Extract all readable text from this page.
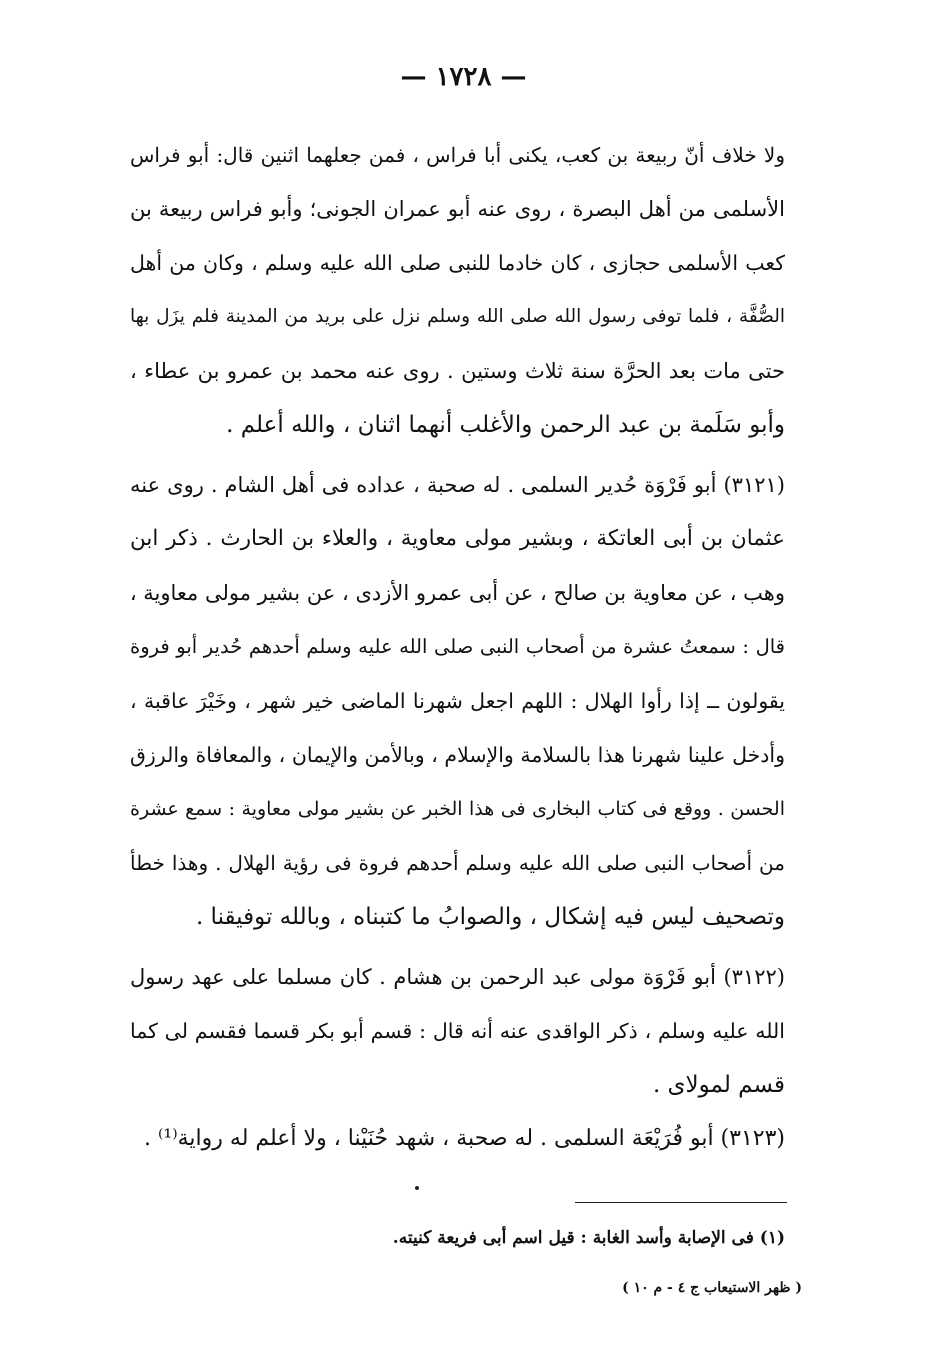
— ١٧٢٨ —
ولا خلاف أنّ ربيعة بن كعب، يكنى أبا فراس ، فمن جعلهما اثنين قال: أبو فراس
الأسلمى من أهل البصرة ، روى عنه أبو عمران الجونى؛ وأبو فراس ربيعة بن
كعب الأسلمى حجازى ، كان خادما للنبى صلى الله عليه وسلم ، وكان من أهل
الصُّفَّة ، فلما توفى رسول الله صلى الله وسلم نزل على بريد من المدينة فلم يزَل بها
حتى مات بعد الحرَّة سنة ثلاث وستين . روى عنه محمد بن عمرو بن عطاء ،
وأبو سَلَمة بن عبد الرحمن والأغلب أنهما اثنان ، والله أعلم .
(٣١٢١) أبو فَرْوَة حُدير السلمى . له صحبة ، عداده فى أهل الشام . روى عنه
عثمان بن أبى العاتكة ، وبشير مولى معاوية ، والعلاء بن الحارث . ذكر ابن
وهب ، عن معاوية بن صالح ، عن أبى عمرو الأزدى ، عن بشير مولى معاوية ،
قال : سمعتُ عشرة من أصحاب النبى صلى الله عليه وسلم أحدهم حُدير أبو فروة
يقولون ــ إذا رأوا الهلال : اللهم اجعل شهرنا الماضى خير شهر ، وخَيْرَ عاقبة ،
وأدخل علينا شهرنا هذا بالسلامة والإسلام ، وبالأمن والإيمان ، والمعافاة والرزق
الحسن . ووقع فى كتاب البخارى فى هذا الخبر عن بشير مولى معاوية : سمع عشرة
من أصحاب النبى صلى الله عليه وسلم أحدهم فروة فى رؤية الهلال . وهذا خطأ
وتصحيف ليس فيه إشكال ، والصوابُ ما كتبناه ، وبالله توفيقنا .
(٣١٢٢) أبو فَرْوَة مولى عبد الرحمن بن هشام . كان مسلما على عهد رسول
الله عليه وسلم ، ذكر الواقدى عنه أنه قال : قسم أبو بكر قسما فقسم لى كما
قسم لمولاى .
(٣١٢٣) أبو فُرَيْعَة السلمى . له صحبة ، شهد حُنَيْنا ، ولا أعلم له رواية⁽¹⁾ .
(١) فى الإصابة وأسد الغابة : قيل اسم أبى فريعة كنيته.
( ظهر الاستيعاب ج ٤ - م ١٠ )
